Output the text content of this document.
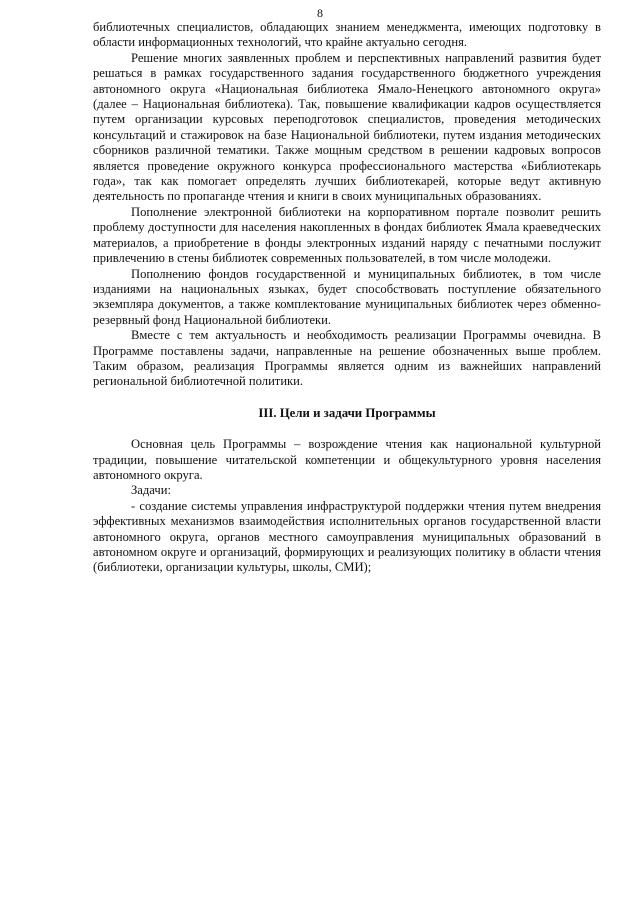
8

библиотечных специалистов, обладающих знанием менеджмента, имеющих подготовку в области информационных технологий, что крайне актуально сегодня.

Решение многих заявленных проблем и перспективных направлений развития будет решаться в рамках государственного задания государственного бюджетного учреждения автономного округа «Национальная библиотека Ямало-Ненецкого автономного округа» (далее – Национальная библиотека). Так, повышение квалификации кадров осуществляется путем организации курсовых переподготовок специалистов, проведения методических консультаций и стажировок на базе Национальной библиотеки, путем издания методических сборников различной тематики. Также мощным средством в решении кадровых вопросов является проведение окружного конкурса профессионального мастерства «Библиотекарь года», так как помогает определять лучших библиотекарей, которые ведут активную деятельность по пропаганде чтения и книги в своих муниципальных образованиях.

Пополнение электронной библиотеки на корпоративном портале позволит решить проблему доступности для населения накопленных в фондах библиотек Ямала краеведческих материалов, а приобретение в фонды электронных изданий наряду с печатными послужит привлечению в стены библиотек современных пользователей, в том числе молодежи.

Пополнению фондов государственной и муниципальных библиотек, в том числе изданиями на национальных языках, будет способствовать поступление обязательного экземпляра документов, а также комплектование муниципальных библиотек через обменно-резервный фонд Национальной библиотеки.

Вместе с тем актуальность и необходимость реализации Программы очевидна. В Программе поставлены задачи, направленные на решение обозначенных выше проблем. Таким образом, реализация Программы является одним из важнейших направлений региональной библиотечной политики.

III. Цели и задачи Программы

Основная цель Программы – возрождение чтения как национальной культурной традиции, повышение читательской компетенции и общекультурного уровня населения автономного округа.

Задачи:

- создание системы управления инфраструктурой поддержки чтения путем внедрения эффективных механизмов взаимодействия исполнительных органов государственной власти автономного округа, органов местного самоуправления муниципальных образований в автономном округе и организаций, формирующих и реализующих политику в области чтения (библиотеки, организации культуры, школы, СМИ);
